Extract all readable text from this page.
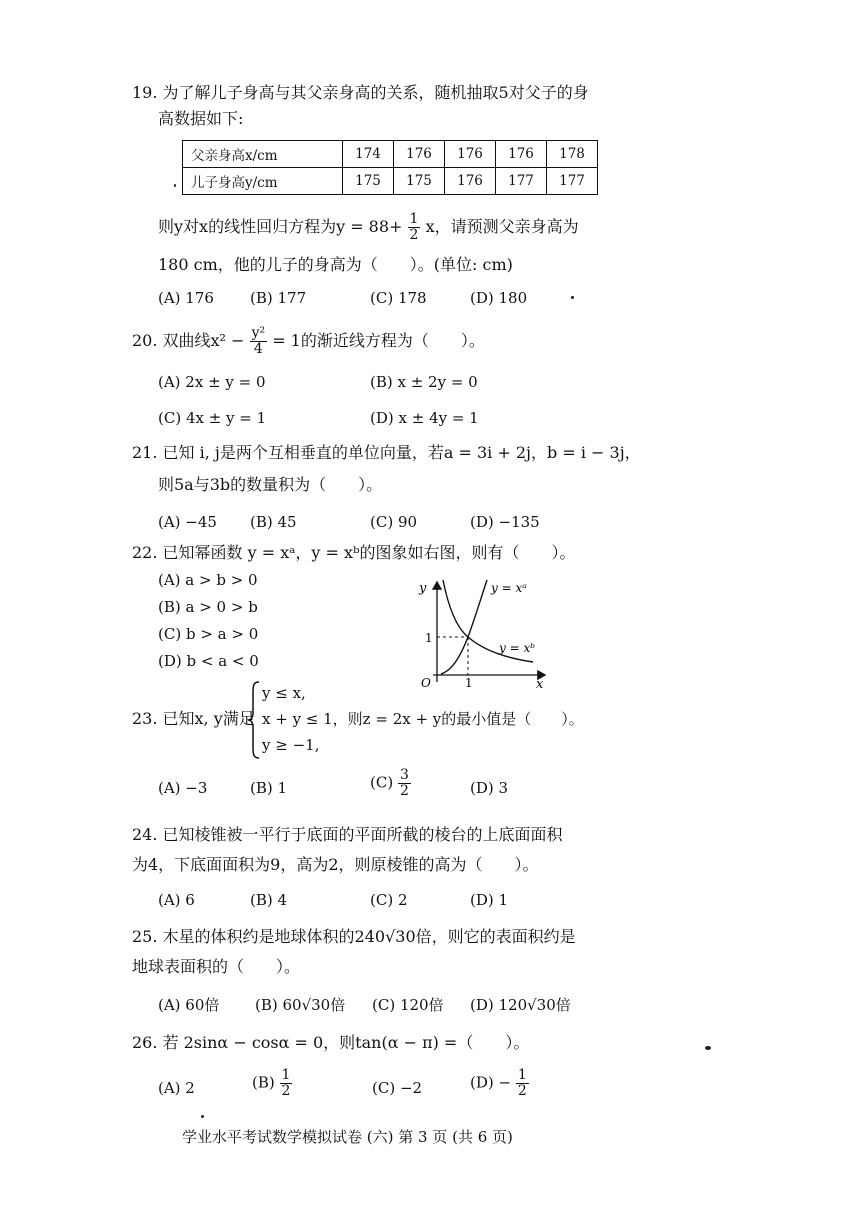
19. 为了解儿子身高与其父亲身高的关系，随机抽取5对父子的身
高数据如下:
父亲身高x/cm	174	176	176	176	178
儿子身高y/cm	175	175	176	177	177
则y对x的线性回归方程为$y = 88+ \frac{1}{2}$ x，请预测父亲身高为
180 cm，他的儿子的身高为（　　）。(单位: cm)
(A) 176 (B) 177	(C) 178	(D) 180
20. 双曲线$x^2 - \frac{\text{y²}}{4} = 1$的渐近线方程为（　　）。
(A) 2x ± y = 0	(B) x ± 2y = 0
(C) 4x ± y = 1	(D) x ± 4y = 1
21. 已知 i, j是两个互相垂直的单位向量，若a = 3i + 2j，b = i − 3j，
则5a与3b的数量积为（　　）。
(A) −45 (B) 45	(C) 90	(D) −135
22. 已知幂函数 y = xᵃ，y = xᵇ的图象如右图，则有（　　）。
(A) a > b > 0
(B) a > 0 > b
(C) b > a > 0
(D) b < a < 0
y
x
O	1
1
y = xᵃ
y = xᵇ
23. 已知x, y满足
y ≤ x,
x + y ≤ 1，则z = 2x + y的最小值是（　　）。
y ≥ −1,
(A) −3	(B) 1	$(C) \frac{3}{2}$	(D) 3
24. 已知棱锥被一平行于底面的平面所截的棱台的上底面面积
为4，下底面面积为9，高为2，则原棱锥的高为（　　）。
(A) 6	(B) 4	(C) 2	(D) 1
25. 木星的体积约是地球体积的240√30倍，则它的表面积约是
地球表面积的（　　）。
(A) 60倍 (B) 60√30倍 (C) 120倍 (D) 120√30倍
26. 若 2sinα − cosα = 0，则tan(α − π) =（　　）。
(A) 2	$(B) \frac{1}{2}$	(C) −2	$(D) - \frac{1}{2}$
学业水平考试数学模拟试卷 (六) 第 3 页 (共 6 页)
